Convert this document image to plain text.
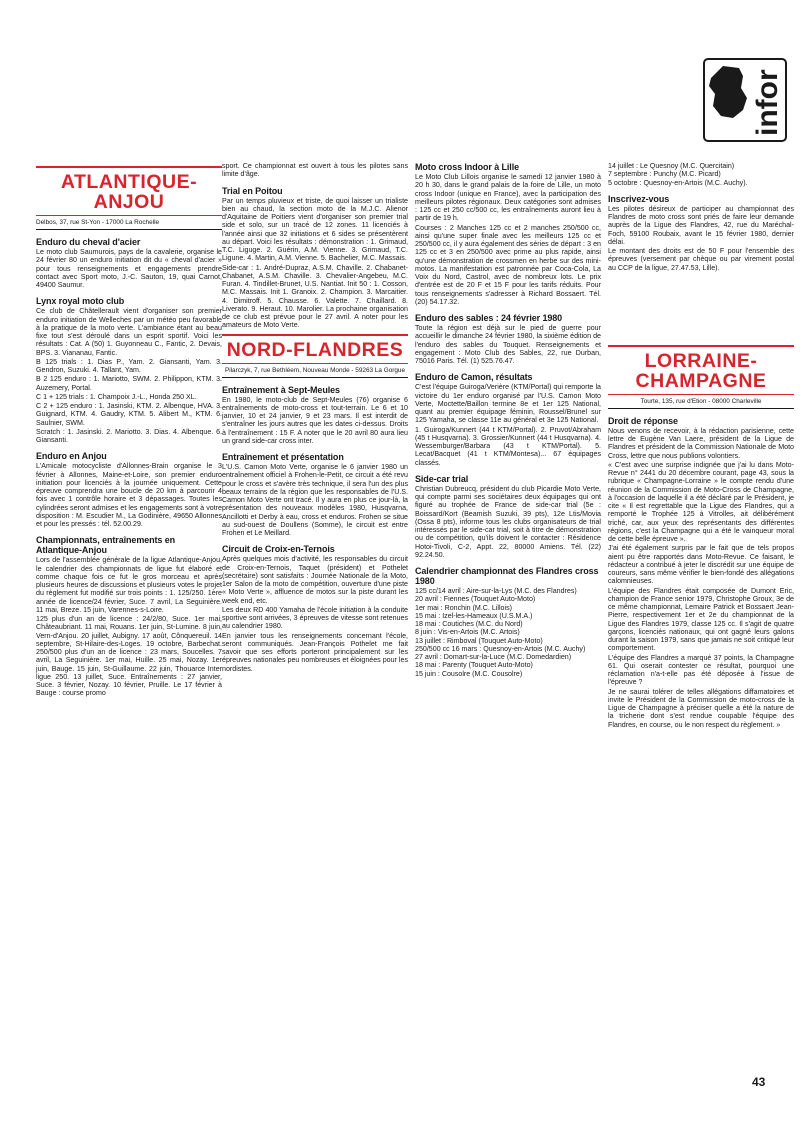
infor
ATLANTIQUE-ANJOU
Delbos, 37, rue St-Yon - 17000 La Rochelle
Enduro du cheval d'acier

Le moto club Saumurois, pays de la cavalerie, organise le 24 février 80 un enduro initiation dit du « cheval d'acier » pour tous renseignements et engagements prendre contact avec Sport moto, J.-C. Sauton, 19, quai Carnot, 49400 Saumur.

Lynx royal moto club

Ce club de Châtellerault vient d'organiser son premier enduro initiation de Welleches par un météo peu favorable à la pratique de la moto verte. L'ambiance étant au beau fixe tout s'est déroulé dans un esprit sportif. Voici les résultats : Cat. A (50) 1. Guyonneau C., Fantic, 2. Devais, BPS. 3. Viananau, Fantic.

B 125 trials : 1. Dias P., Yam. 2. Giansanti, Yam. 3. Gendron, Suzuki. 4. Tallant, Yam.

B 2 125 enduro : 1. Mariotto, SWM. 2. Philippon, KTM. 3. Auzemery, Portal.

C 1 + 125 trials : 1. Champoix J.-L., Honda 250 XL.

C 2 + 125 enduro : 1. Jasinski, KTM. 2. Albenque, HVA. 3. Guignard, KTM. 4. Gaudry, KTM. 5. Alibert M., KTM. 6. Saulnier, SWM.

Scratch : 1. Jasinski. 2. Mariotto. 3. Dias. 4. Albenque. 6. Giansanti.

Enduro en Anjou

L'Amicale motocycliste d'Allonnes-Brain organise le 3 février à Allonnes, Maine-et-Loire, son premier enduro initiation pour licenciés à la journée uniquement. Cette épreuve comprendra une boucle de 20 km à parcourir 4 fois avec 1 contrôle horaire et 3 dépassages. Toutes les cylindrées seront admises et les engagements sont à votre disposition : M. Escudier M., La Godinière, 49650 Allonnes et pour les pressés : tél. 52.00.29.

Championnats, entraînements en Atlantique-Anjou

Lors de l'assemblée générale de la ligue Atlantique-Anjou, le calendrier des championnats de ligue fut élaboré et comme chaque fois ce fut le gros morceau et après plusieurs heures de discussions et plusieurs votes le projet du règlement fut modifié sur trois points : 1. 125/250. 1ère année de licence/24 février, Suce. 7 avril, La Seguinière. 11 mai, Breze. 15 juin, Varennes-s-Loire.

125 plus d'un an de licence : 24/2/80, Suce. 1er mai, Châteaubriant. 11 mai, Rouans. 1er juin, St-Lumine. 8 juin, Vern-d'Anjou. 20 juillet, Aubigny. 17 août, Cônquereuil. 14 septembre, St-Hilaire-des-Loges. 19 octobre, Barbechat. 250/500 plus d'un an de licence : 23 mars, Soucelles. 7 avril, La Seguinière. 1er mai, Huille. 25 mai, Nozay. 1er juin, Bauge. 15 juin, St-Guillaume. 22 juin, Thouarce Inter ligue 250. 13 juillet, Suce. Entraînements : 27 janvier, Suce. 3 février, Nozay. 10 février, Pruille. Le 17 février à Bauge : course promo

sport. Ce championnat est ouvert à tous les pilotes sans limite d'âge.

Trial en Poitou

Par un temps pluvieux et triste, de quoi laisser un trialiste bien au chaud, la section moto de la M.J.C. Alienor d'Aquitaine de Poitiers vient d'organiser son premier trial side et solo, sur un tracé de 12 zones. 11 licenciés à l'année ainsi que 32 initiations et 6 sides se présentèrent au départ. Voici les résultats : démonstration : 1. Grimaud, T.C. Liguge. 2. Guérin, A.M. Vienne. 3. Grimaud, T.C. Ligune. 4. Martin, A.M. Vienne. 5. Bachelier, M.C. Massais.

Side-car : 1. André-Dupraz, A.S.M. Chaville. 2. Chabanet-Chabanet, A.S.M. Chaville. 3. Chevalier-Angebeu, M.C. Furan. 4. Tindillet-Brunet, U.S. Nantiat. Init 50 : 1. Cosson, M.C. Massais. Init 1. Granoix. 2. Champion. 3. Marcaitier. 4. Dimitroff. 5. Chausse. 6. Valette. 7. Chaillard. 8. Liverato. 9. Heraut. 10. Marolier. La prochaine organisation de ce club est prévue pour le 27 avril. A noter pour les amateurs de Moto Verte.

NORD-FLANDRES
Pilarczyk, 7, rue Bethléem, Nouveau Monde - 59263 La Gorgue
Entraînement à Sept-Meules

En 1980, le moto-club de Sept-Meules (76) organise 6 entraînements de moto-cross et tout-terrain. Le 6 et 10 janvier, 10 et 24 janvier, 9 et 23 mars. Il est interdit de s'entraîner les jours autres que les dates ci-dessus. Droits à l'entraînement : 15 F. A noter que le 20 avril 80 aura lieu un grand side-car cross inter.

Entraînement et présentation

L'U.S. Camon Moto Verte, organise le 6 janvier 1980 un entraînement officiel à Frohen-le-Petit, ce circuit a été revu pour le cross et s'avère très technique, il sera l'un des plus beaux terrains de la région que les responsables de l'U.S. Camon Moto Verte ont tracé. Il y aura en plus ce jour-là, la présentation des nouveaux modèles 1980, Husqvarna, Ancillotti et Derby à eau, cross et enduros. Frohen se situe au sud-ouest de Doullens (Somme), le circuit est entre Frohen et Le Meillard.

Circuit de Croix-en-Ternois

Après quelques mois d'activité, les responsables du circuit de Croix-en-Ternois, Taquet (président) et Pothelet (secrétaire) sont satisfaits : Journée Nationale de la Moto, 1er Salon de la moto de compétition, ouverture d'une piste « Moto Verte », affluence de motos sur la piste durant les week end, etc.

Les deux RD 400 Yamaha de l'école initiation à la conduite sportive sont arrivées, 3 épreuves de vitesse sont retenues au calendrier 1980.

En janvier tous les renseignements concernant l'école, seront communiqués. Jean-François Pothelet me fait savoir que ses efforts porteront principalement sur les épreuves nationales peu nombreuses et éloignées pour les nordistes.

Moto cross Indoor à Lille

Le Moto Club Lillois organise le samedi 12 janvier 1980 à 20 h 30, dans le grand palais de la foire de Lille, un moto cross Indoor (unique en France), avec la participation des meilleurs pilotes régionaux. Deux catégories sont admises : 125 cc et 250 cc/500 cc, les entraînements auront lieu à partir de 19 h.

Courses : 2 Manches 125 cc et 2 manches 250/500 cc, ainsi qu'une super finale avec les meilleurs 125 cc et 250/500 cc, il y aura également des séries de départ : 3 en 125 cc et 3 en 250/500 avec prime au plus rapide, ainsi qu'une démonstration de crossmen en herbe sur des mini-motos. La manifestation est patronnée par Coca-Cola, La Voix du Nord, Castrol, avec de nombreux lots. Le prix d'entrée est de 20 F et 15 F pour les tarifs réduits. Pour tous renseignements s'adresser à Richard Bossaert. Tél. (20) 54.17.32.

Enduro des sables : 24 février 1980

Toute la région est déjà sur le pied de guerre pour accueillir le dimanche 24 février 1980, la sixième édition de l'enduro des sables du Touquet. Renseignements et engagement : Moto Club des Sables, 22, rue Durban, 75016 Paris. Tél. (1) 525.76.47.

Enduro de Camon, résultats

C'est l'équipe Guiroga/Verière (KTM/Portal) qui remporte la victoire du 1er enduro organisé par l'U.S. Camon Moto Verte, Moctette/Baillon termine 8e et 1er 125 National, quant au premier équipage féminin, Roussel/Brunel sur 125 Yamaha, se classe 11e au général et 3e 125 National.

1. Guiroga/Kunnert (44 t KTM/Portal). 2. Pruvot/Abraham (45 t Husqvarna). 3. Grossier/Kunnert (44 t Husqvarna). 4. Wessemburger/Barbara (43 t KTM/Portal). 5. Lecat/Bacquet (41 t KTM/Montesa)... 67 équipages classés.

Side-car trial

Christian Dubreucq, président du club Picardie Moto Verte, qui compte parmi ses sociétaires deux équipages qui ont figuré au trophée de France de side-car trial (5e : Boissard/Kort (Beamish Suzuki, 39 pts), 12e Ltis/Movia (Ossa 8 pts), informe tous les clubs organisateurs de trial intéressés par le side-car trial, soit à titre de démonstration ou de compétition, qu'ils doivent le contacter : Résidence Hotoi-Tivoli, C-2, Appt. 22, 80000 Amiens. Tél. (22) 92.24.50.

Calendrier championnat des Flandres cross 1980

125 cc/14 avril : Aire-sur-la-Lys (M.C. des Flandres)
20 avril : Fiennes (Touquet Auto-Moto)
1er mai : Ronchin (M.C. Lillois)
15 mai : Izel-les-Hameaux (U.S.M.A.)
18 mai : Coutiches (M.C. du Nord)
8 juin : Vis-en-Artois (M.C. Artois)
13 juillet : Rimboval (Touquet Auto-Moto)
250/500 cc 16 mars : Quesnoy-en-Artois (M.C. Auchy)
27 avril : Domart-sur-la-Luce (M.C. Domedardien)
18 mai : Parenty (Touquet Auto-Moto)
15 juin : Cousolre (M.C. Cousolre)

14 juillet : Le Quesnoy (M.C. Quercitain)
7 septembre : Punchy (M.C. Picard)
5 octobre : Quesnoy-en-Artois (M.C. Auchy).

Inscrivez-vous

Les pilotes désireux de participer au championnat des Flandres de moto cross sont priés de faire leur demande auprès de la Ligue des Flandres, 42, rue du Maréchal-Foch, 59100 Roubaix, avant le 15 février 1980, dernier délai.

Le montant des droits est de 50 F pour l'ensemble des épreuves (versement par chèque ou par virement postal au CCP de la ligue, 27.47.53, Lille).

LORRAINE-CHAMPAGNE
Tourte, 135, rue d'Etion - 08000 Charleville
Droit de réponse

Nous venons de recevoir, à la rédaction parisienne, cette lettre de Eugène Van Laere, président de la Ligue de Flandres et président de la Commission Nationale de Moto Cross, lettre que nous publions volontiers.

« C'est avec une surprise indignée que j'ai lu dans Moto-Revue n° 2441 du 20 décembre courant, page 43, sous la rubrique « Champagne-Lorraine » le compte rendu d'une réunion de la Commission de Moto-Cross de Champagne, à l'occasion de laquelle il a été déclaré par le Président, je cite « Il est regrettable que la Ligue des Flandres, qui a remporté le Trophée 125 à Vitrolles, ait délibérément triché, car, aux yeux des représentants des différentes régions, c'est la Champagne qui a été le vainqueur moral de cette belle épreuve ».

J'ai été également surpris par le fait que de tels propos aient pu être rapportés dans Moto-Revue. Ce faisant, le rédacteur a contribué à jeter le discrédit sur une équipe de coureurs, sans même vérifier le bien-fondé des allégations calomnieuses.

L'équipe des Flandres était composée de Dumont Eric, champion de France senior 1979, Christophe Groux, 3e de ce même championnat, Lemaire Patrick et Bossaert Jean-Pierre, respectivement 1er et 2e du championnat de la Ligue des Flandres 1979, classe 125 cc. Il s'agit de quatre garçons, licenciés nationaux, qui ont gagné leurs galons durant la saison 1979, sans que jamais ne soit critiqué leur comportement.

L'équipe des Flandres a marqué 37 points, la Champagne 61. Qui oserait contester ce résultat, pourquoi une réclamation n'a-t-elle pas été déposée à l'issue de l'épreuve ?

Je ne saurai tolérer de telles allégations diffamatoires et invite le Président de la Commission de moto-cross de la Ligue de Champagne à préciser quelle a été la nature de la tricherie dont s'est rendue coupable l'équipe des Flandres, en course, ou le non respect du règlement. »

43
